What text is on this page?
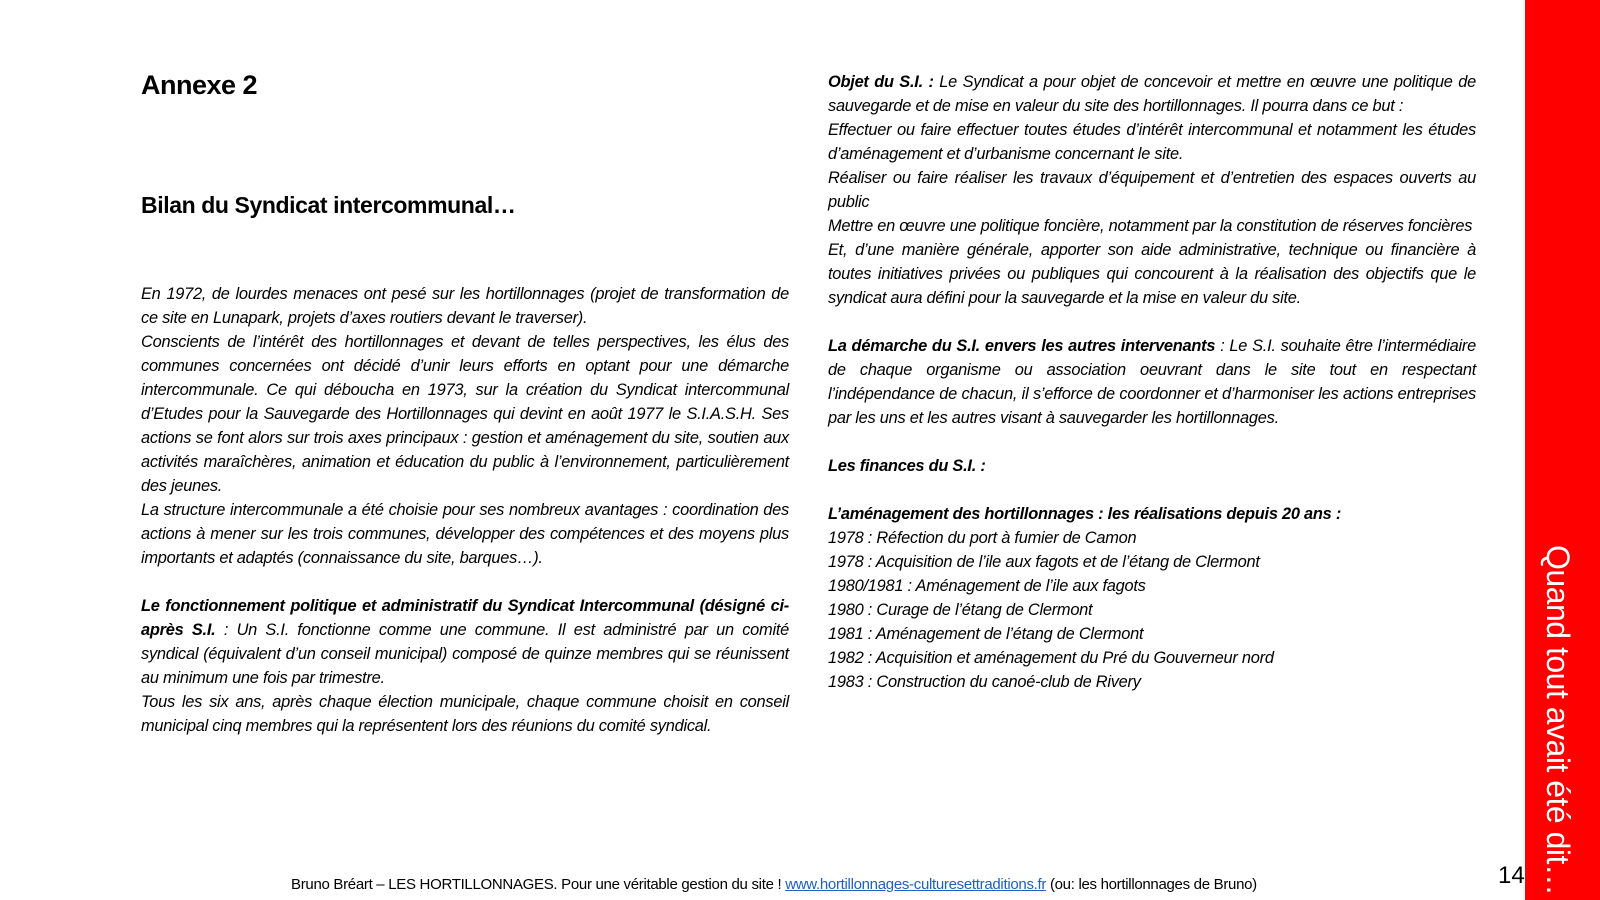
Annexe 2
Bilan du Syndicat intercommunal…

En 1972, de lourdes menaces ont pesé sur les hortillonnages (projet de transformation de ce site en Lunapark, projets d’axes routiers devant le traverser).

Conscients de l’intérêt des hortillonnages et devant de telles perspectives, les élus des communes concernées ont décidé d’unir leurs efforts en optant pour une démarche intercommunale. Ce qui déboucha en 1973, sur la création du Syndicat intercommunal d’Etudes pour la Sauvegarde des Hortillonnages qui devint en août 1977 le S.I.A.S.H. Ses actions se font alors sur trois axes principaux : gestion et aménagement du site, soutien aux activités maraîchères, animation et éducation du public à l’environnement, particulièrement des jeunes.

La structure intercommunale a été choisie pour ses nombreux avantages : coordination des actions à mener sur les trois communes, développer des compétences et des moyens plus importants et adaptés (connaissance du site, barques…).

Le fonctionnement politique et administratif du Syndicat Intercommunal (désigné ci-après S.I. : Un S.I. fonctionne comme une commune. Il est administré par un comité syndical (équivalent d’un conseil municipal) composé de quinze membres qui se réunissent au minimum une fois par trimestre.

Tous les six ans, après chaque élection municipale, chaque commune choisit en conseil municipal cinq membres qui la représentent lors des réunions du comité syndical.

Objet du S.I. : Le Syndicat a pour objet de concevoir et mettre en œuvre une politique de sauvegarde et de mise en valeur du site des hortillonnages. Il pourra dans ce but :

Effectuer ou faire effectuer toutes études d’intérêt intercommunal et notamment les études d’aménagement et d’urbanisme concernant le site.

Réaliser ou faire réaliser les travaux d’équipement et d’entretien des espaces ouverts au public

Mettre en œuvre une politique foncière, notamment par la constitution de réserves foncières

Et, d’une manière générale, apporter son aide administrative, technique ou financière à toutes initiatives privées ou publiques qui concourent à la réalisation des objectifs que le syndicat aura défini pour la sauvegarde et la mise en valeur du site.

La démarche du S.I. envers les autres intervenants : Le S.I. souhaite être l’intermédiaire de chaque organisme ou association oeuvrant dans le site tout en respectant l’indépendance de chacun, il s’efforce de coordonner et d’harmoniser les actions entreprises par les uns et les autres visant à sauvegarder les hortillonnages.

Les finances du S.I. :

L’aménagement des hortillonnages : les réalisations depuis 20 ans :

1978 : Réfection du port à fumier de Camon

1978 : Acquisition de l’ile aux fagots et de l’étang de Clermont

1980/1981 : Aménagement de l’ile aux fagots

1980 : Curage de l’étang de Clermont

1981 : Aménagement de l’étang de Clermont

1982 : Acquisition et aménagement du Pré du Gouverneur nord

1983 : Construction du canoé-club de Rivery	Quand tout avait été dit…
14
Bruno Bréart – LES HORTILLONNAGES. Pour une véritable gestion du site ! www.hortillonnages-culturesettraditions.fr (ou: les hortillonnages de Bruno)
